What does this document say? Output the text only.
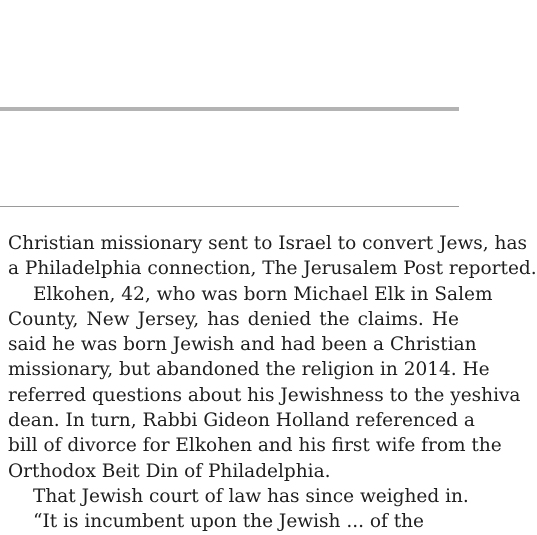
Christian missionary sent to Israel to convert Jews, has
a Philadelphia connection, The Jerusalem Post reported.
Elkohen, 42, who was born Michael Elk in Salem
County, New Jersey, has denied the claims. He
said he was born Jewish and had been a Christian
missionary, but abandoned the religion in 2014. He
referred questions about his Jewishness to the yeshiva
dean. In turn, Rabbi Gideon Holland referenced a
bill of divorce for Elkohen and his first wife from the
Orthodox Beit Din of Philadelphia.
That Jewish court of law has since weighed in.
“It is incumbent upon the Jewish ... of the
